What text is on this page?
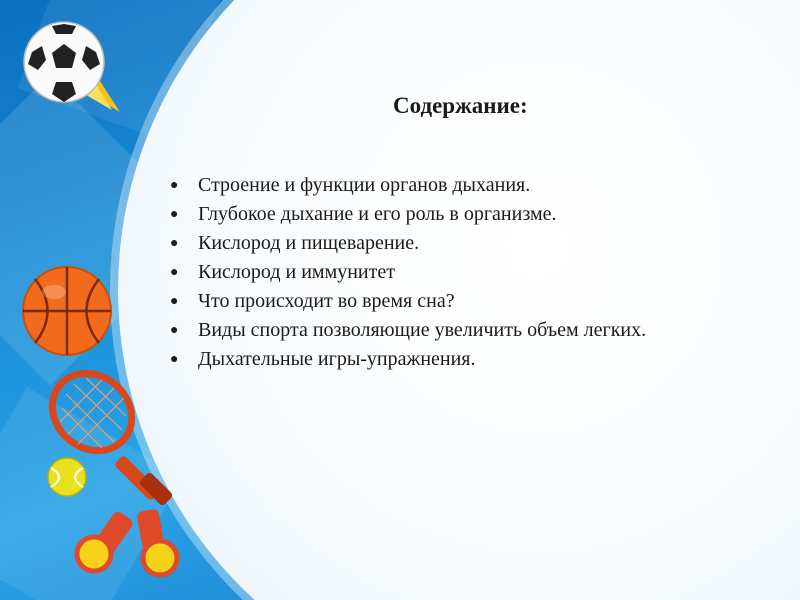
Содержание:
● Строение и функции органов дыхания.
● Глубокое дыхание и его роль в организме.
● Кислород и пищеварение.
● Кислород и иммунитет
● Что происходит во время сна?
● Виды спорта позволяющие увеличить объем легких.
● Дыхательные игры-упражнения.
